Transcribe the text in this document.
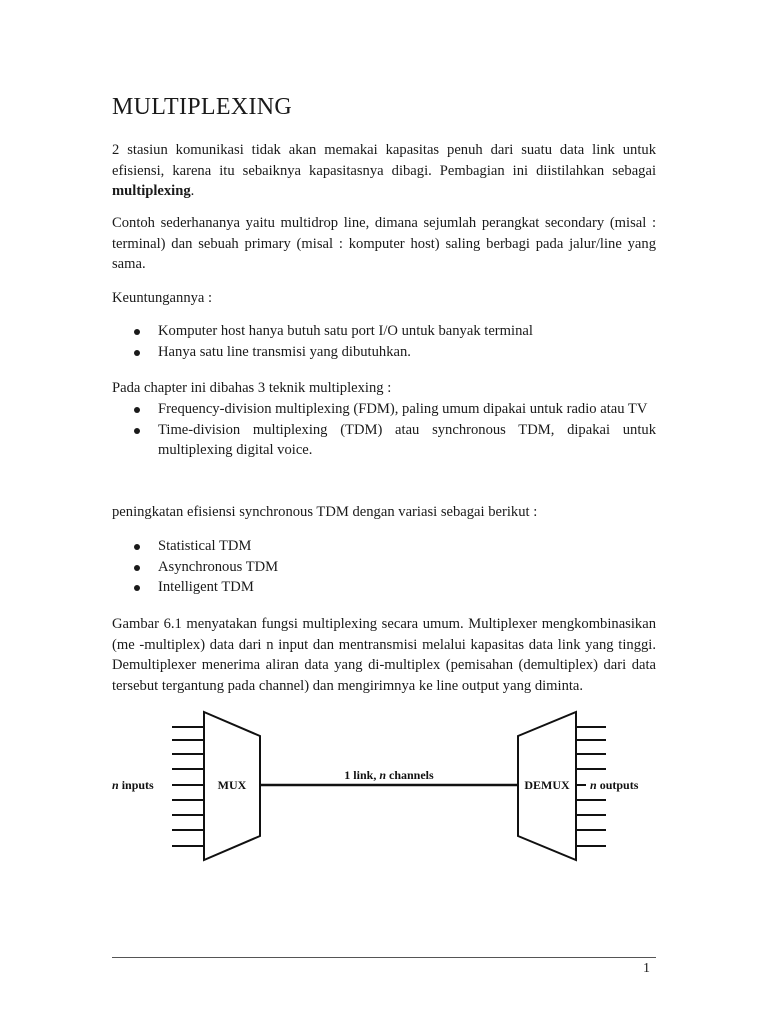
MULTIPLEXING

2 stasiun komunikasi tidak akan memakai kapasitas penuh dari suatu data link untuk efisiensi, karena itu sebaiknya kapasitasnya dibagi. Pembagian ini diistilahkan sebagai multiplexing.

Contoh sederhananya yaitu multidrop line, dimana sejumlah perangkat secondary (misal : terminal) dan sebuah primary (misal : komputer host) saling berbagi pada jalur/line yang sama.

Keuntungannya :

Komputer host hanya butuh satu port I/O untuk banyak terminal
Hanya satu line transmisi yang dibutuhkan.

Pada chapter ini dibahas 3 teknik multiplexing :

Frequency-division multiplexing (FDM), paling umum dipakai untuk radio atau TV
Time-division multiplexing (TDM) atau synchronous TDM, dipakai untuk multiplexing digital voice.

peningkatan efisiensi synchronous TDM dengan variasi sebagai berikut :

Statistical TDM
Asynchronous TDM
Intelligent TDM

Gambar 6.1 menyatakan fungsi multiplexing secara umum. Multiplexer mengkombinasikan (me -multiplex) data dari n input dan mentransmisi melalui kapasitas data link yang tinggi. Demultiplexer menerima aliran data yang di-multiplex (pemisahan (demultiplex) dari data tersebut tergantung pada channel) dan mengirimnya ke line output yang diminta.

MUX
n inputs
1 link, n channels
DEMUX n outputs
1
